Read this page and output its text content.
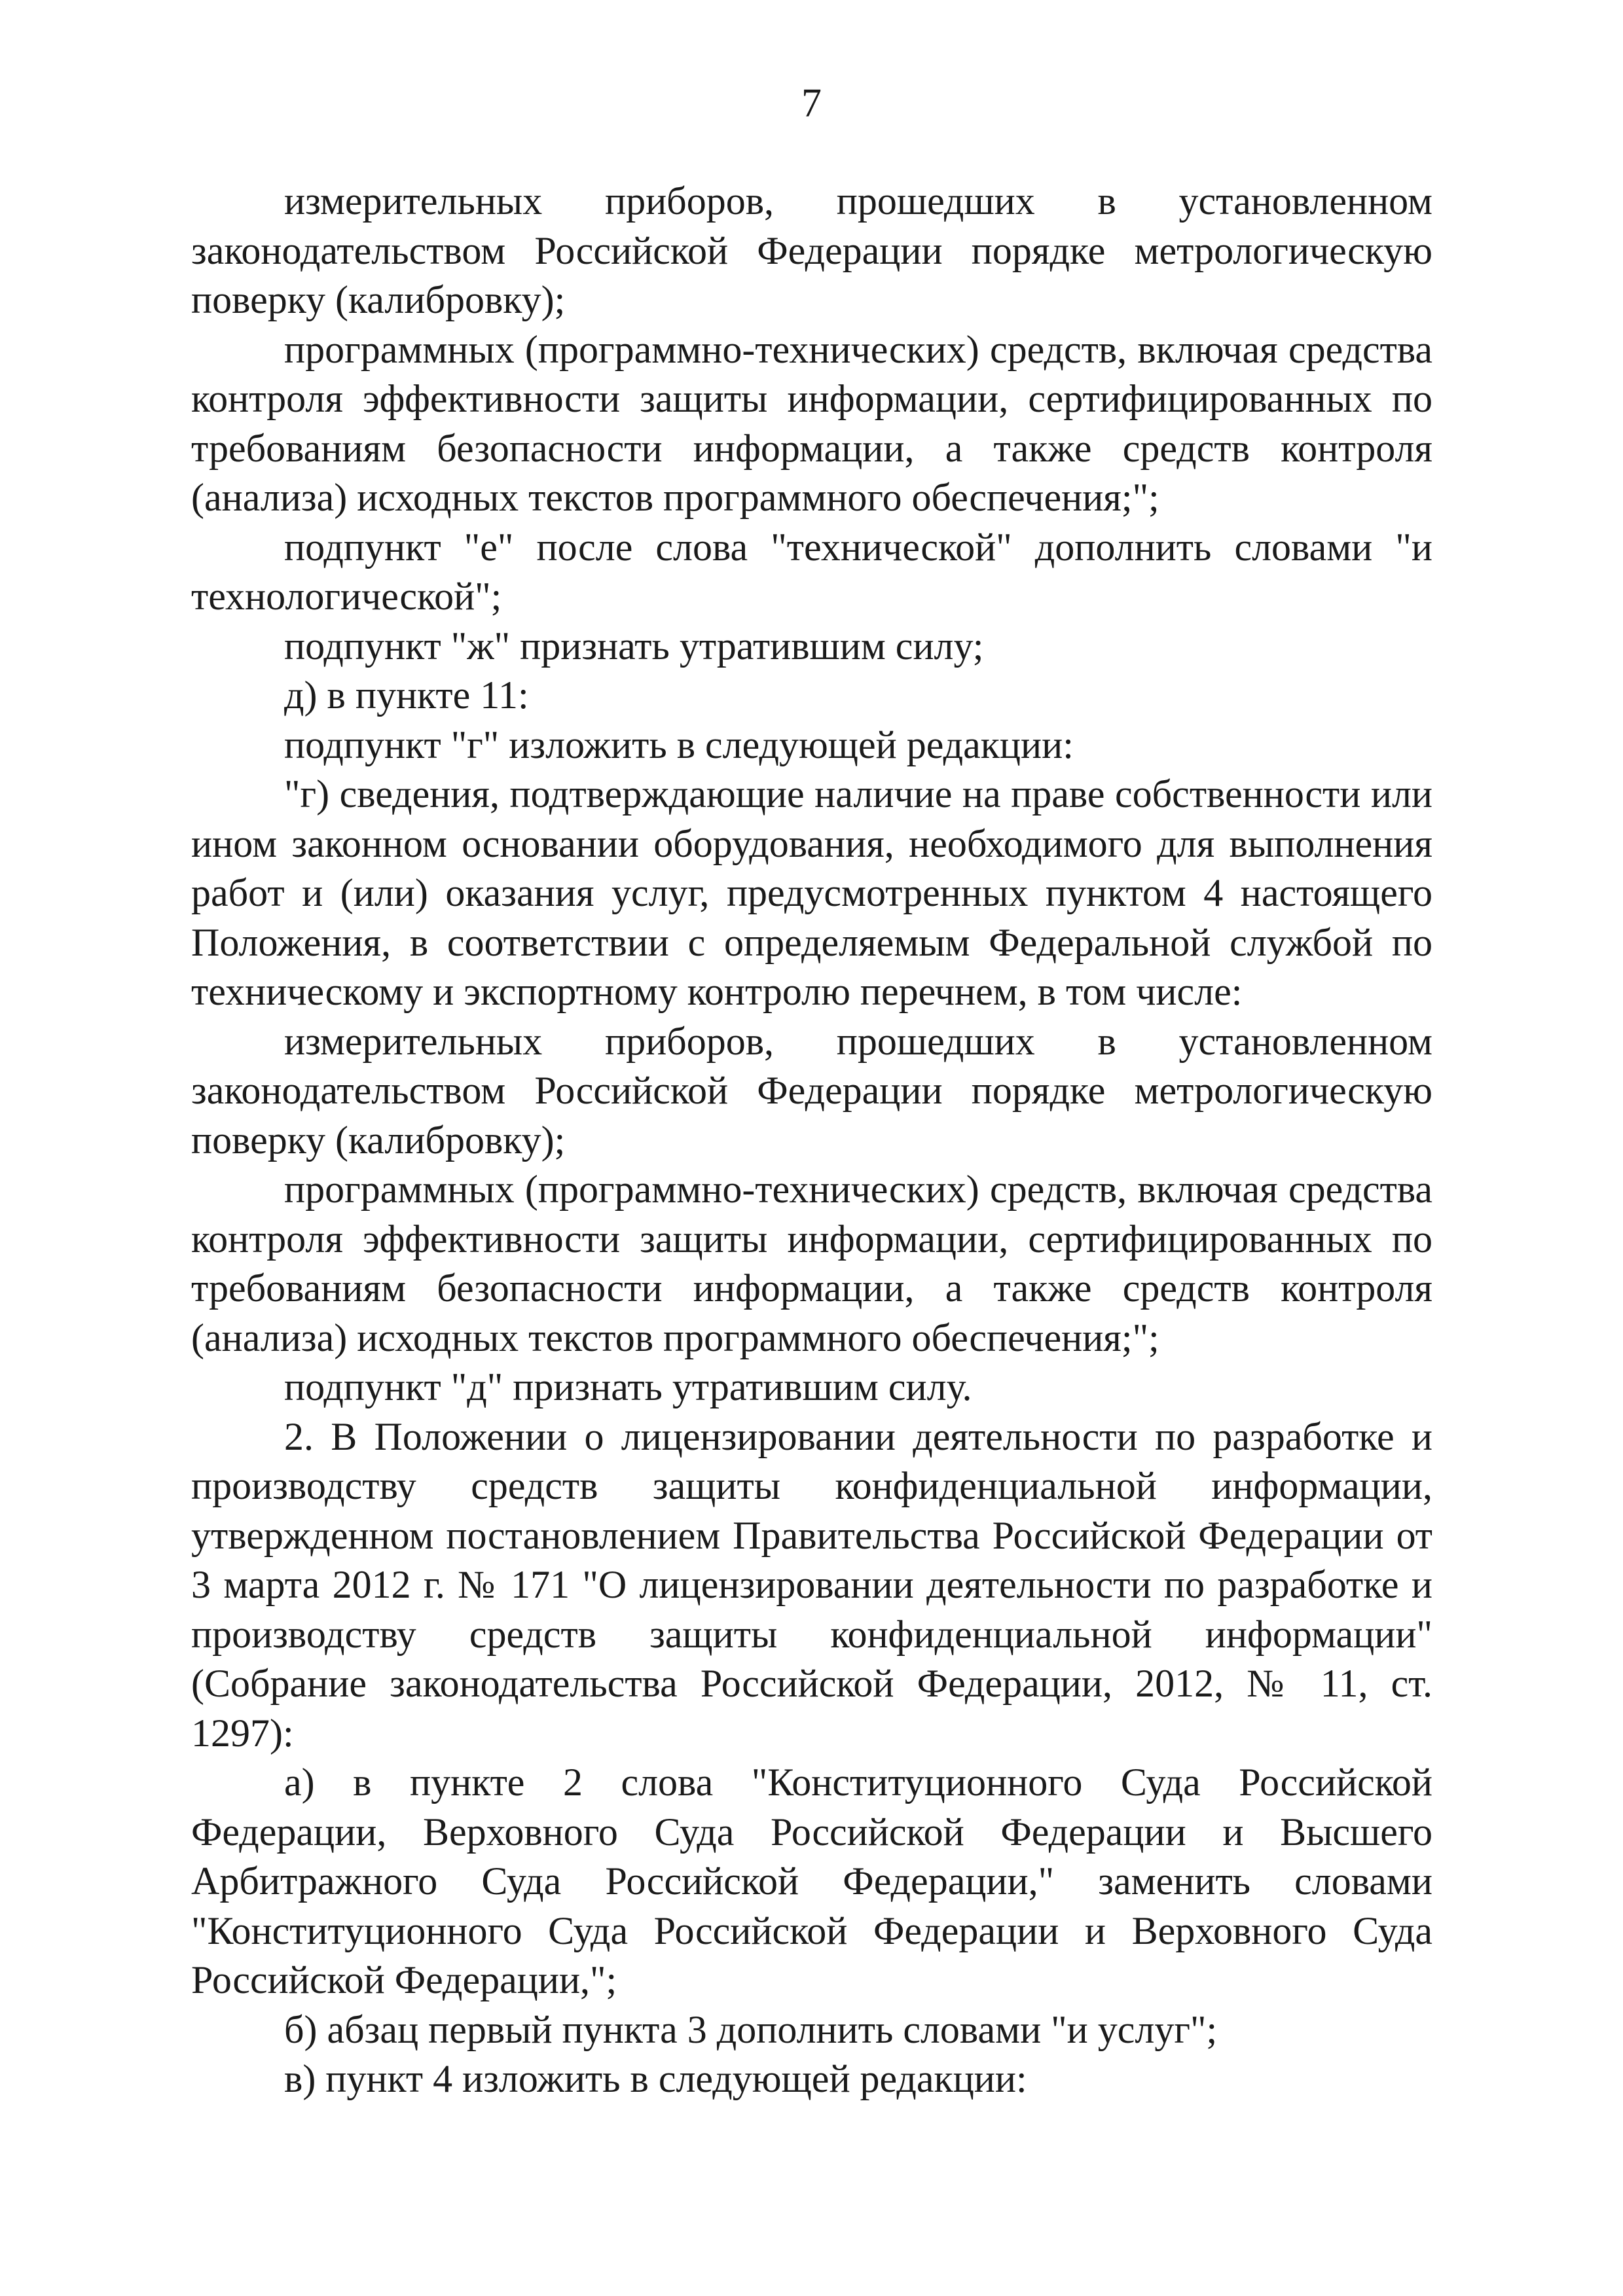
7

измерительных приборов, прошедших в установленном законодательством Российской Федерации порядке метрологическую поверку (калибровку);

программных (программно-технических) средств, включая средства контроля эффективности защиты информации, сертифицированных по требованиям безопасности информации, а также средств контроля (анализа) исходных текстов программного обеспечения;";

подпункт "е" после слова "технической" дополнить словами "и технологической";

подпункт "ж" признать утратившим силу;

д) в пункте 11:

подпункт "г" изложить в следующей редакции:

"г) сведения, подтверждающие наличие на праве собственности или ином законном основании оборудования, необходимого для выполнения работ и (или) оказания услуг, предусмотренных пунктом 4 настоящего Положения, в соответствии с определяемым Федеральной службой по техническому и экспортному контролю перечнем, в том числе:

измерительных приборов, прошедших в установленном законодательством Российской Федерации порядке метрологическую поверку (калибровку);

программных (программно-технических) средств, включая средства контроля эффективности защиты информации, сертифицированных по требованиям безопасности информации, а также средств контроля (анализа) исходных текстов программного обеспечения;";

подпункт "д" признать утратившим силу.

2. В Положении о лицензировании деятельности по разработке и производству средств защиты конфиденциальной информации, утвержденном постановлением Правительства Российской Федерации от 3 марта 2012 г. № 171 "О лицензировании деятельности по разработке и производству средств защиты конфиденциальной информации" (Собрание законодательства Российской Федерации, 2012, № 11, ст. 1297):

а) в пункте 2 слова "Конституционного Суда Российской Федерации, Верховного Суда Российской Федерации и Высшего Арбитражного Суда Российской Федерации," заменить словами "Конституционного Суда Российской Федерации и Верховного Суда Российской Федерации,";

б) абзац первый пункта 3 дополнить словами "и услуг";

в) пункт 4 изложить в следующей редакции:
